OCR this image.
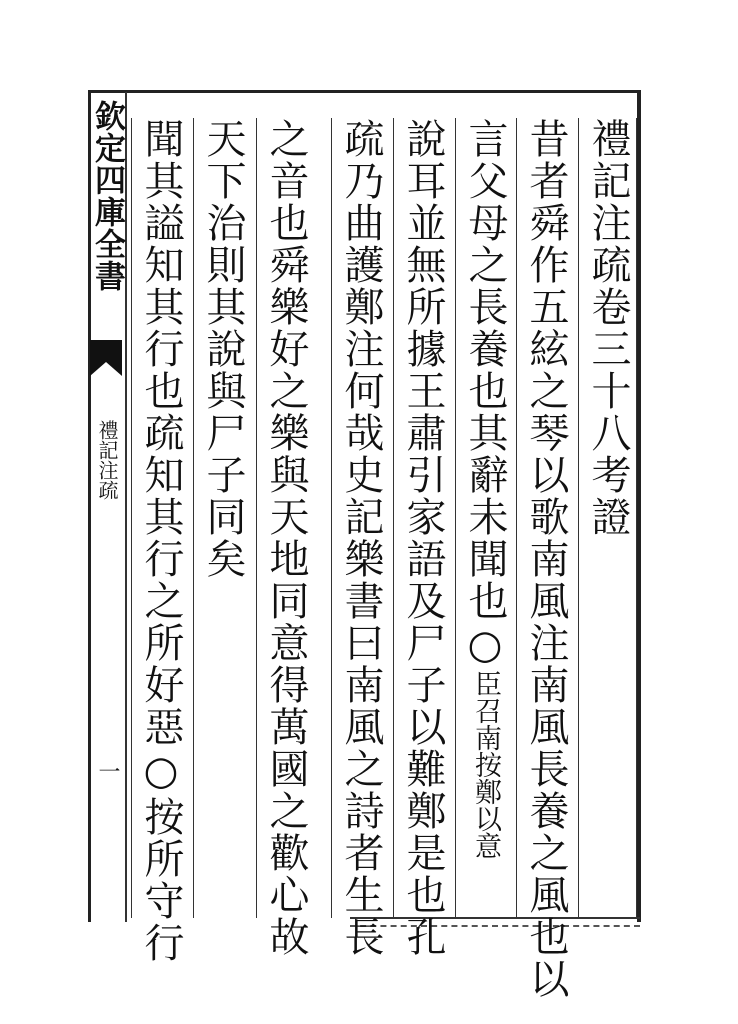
欽定四庫全書
禮記注疏
一
禮記注疏卷三十八考證
昔者舜作五絃之琴以歌南風注南風長養之風也以
言父母之長養也其辭未聞也○臣召南按鄭以意
說耳並無所據王肅引家語及尸子以難鄭是也孔
疏乃曲護鄭注何哉史記樂書曰南風之詩者生長
之音也舜樂好之樂與天地同意得萬國之歡心故
天下治則其說與尸子同矣
聞其謚知其行也疏知其行之所好惡○按所守行
